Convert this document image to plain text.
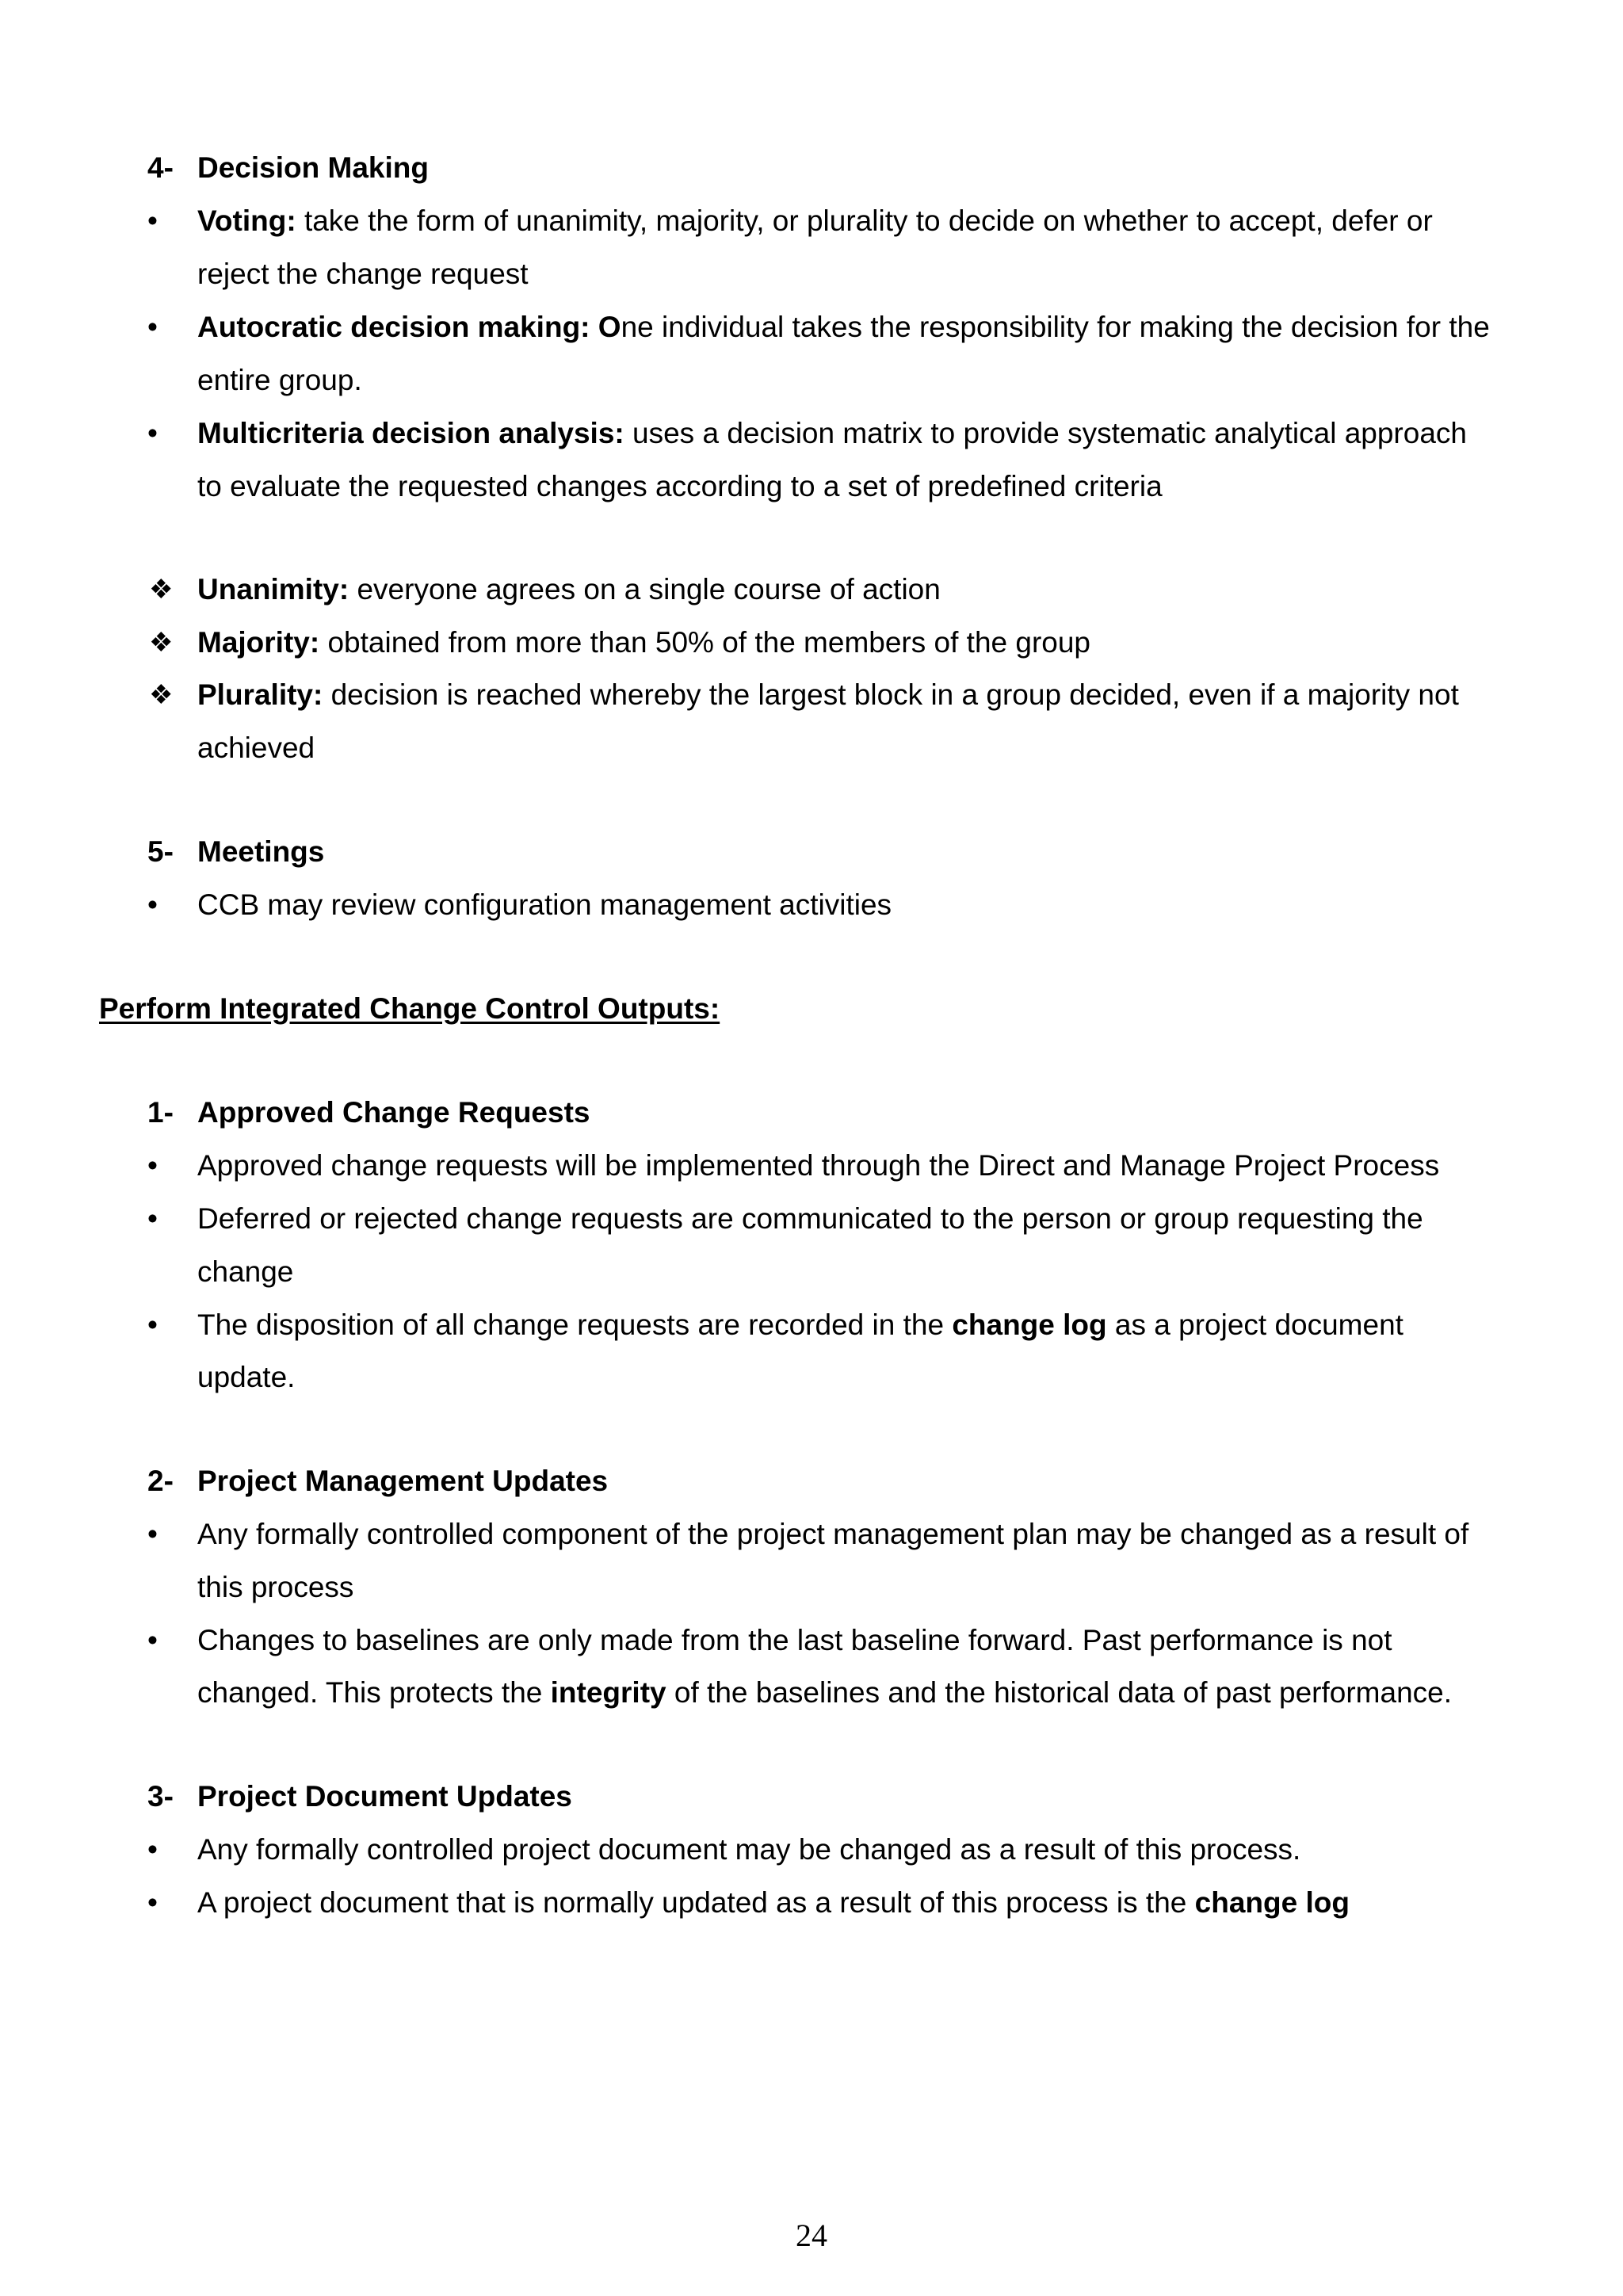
4- Decision Making
• Voting: take the form of unanimity, majority, or plurality to decide on whether to accept, defer or
reject the change request
• Autocratic decision making: One individual takes the responsibility for making the decision for the
entire group.
• Multicriteria decision analysis: uses a decision matrix to provide systematic analytical approach
to evaluate the requested changes according to a set of predefined criteria
❖ Unanimity: everyone agrees on a single course of action
❖ Majority: obtained from more than 50% of the members of the group
❖ Plurality: decision is reached whereby the largest block in a group decided, even if a majority not
achieved
5- Meetings
• CCB may review configuration management activities
Perform Integrated Change Control Outputs:
1- Approved Change Requests
• Approved change requests will be implemented through the Direct and Manage Project Process
• Deferred or rejected change requests are communicated to the person or group requesting the
change
• The disposition of all change requests are recorded in the change log as a project document
update.
2- Project Management Updates
• Any formally controlled component of the project management plan may be changed as a result of
this process
• Changes to baselines are only made from the last baseline forward. Past performance is not
changed. This protects the integrity of the baselines and the historical data of past performance.
3- Project Document Updates
• Any formally controlled project document may be changed as a result of this process.
• A project document that is normally updated as a result of this process is the change log
24
